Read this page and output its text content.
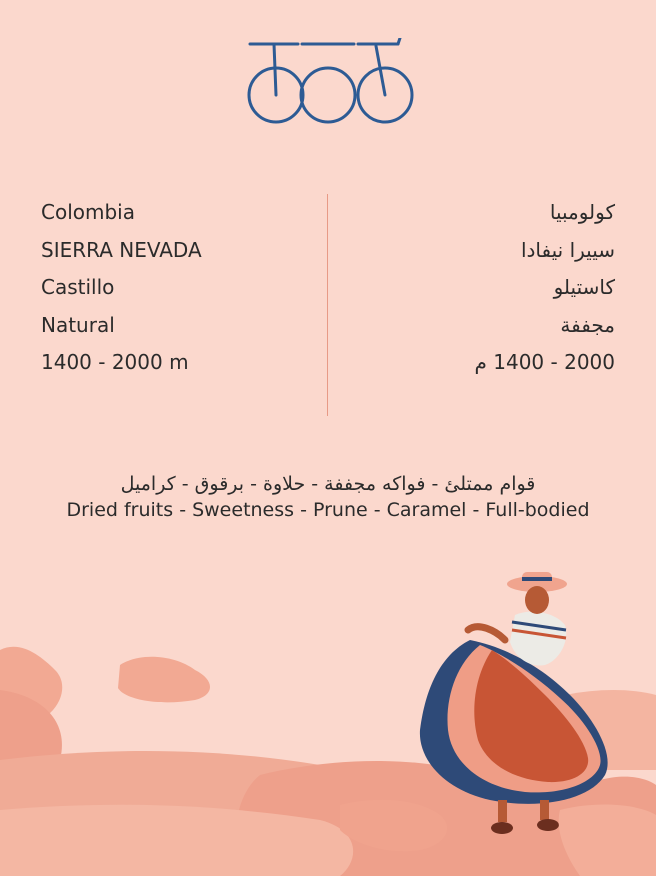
Colombia
SIERRA NEVADA
Castillo
Natural
1400 - 2000 m
كولومبيا
سييرا نيفادا
كاستيلو
مجففة
2000 - 1400 م
قوام ممتلئ - فواكه مجففة - حلاوة - برقوق - كراميل
Dried fruits - Sweetness - Prune - Caramel - Full-bodied
